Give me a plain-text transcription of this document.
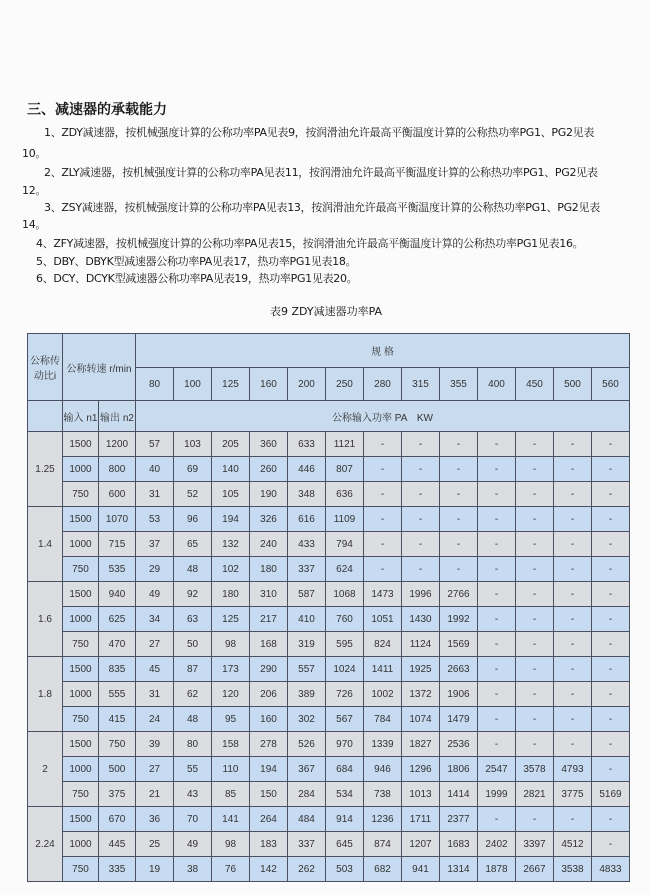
三、减速器的承载能力
1、ZDY减速器，按机械强度计算的公称功率PA见表9，按润滑油允许最高平衡温度计算的公称热功率PG1、PG2见表
10。
2、ZLY减速器，按机械强度计算的公称功率PA见表11，按润滑油允许最高平衡温度计算的公称热功率PG1、PG2见表
12。
3、ZSY减速器，按机械强度计算的公称功率PA见表13，按润滑油允许最高平衡温度计算的公称热功率PG1、PG2见表
14。
4、ZFY减速器，按机械强度计算的公称功率PA见表15，按润滑油允许最高平衡温度计算的公称热功率PG1见表16。
5、DBY、DBYK型减速器公称功率PA见表17，热功率PG1见表18。
6、DCY、DCYK型减速器公称功率PA见表19，热功率PG1见表20。
表9 ZDY减速器功率PA
公称传动比i	公称转速 r/min		规 格												
			80	100	125	160	200	250	280	315	355	400	450	500	560
	输入 n1	输出 n2	公称输入功率 PA　KW												
1.25	1500	1200	57	103	205	360	633	1121	-	-	-	-	-	-	-
	1000	800	40	69	140	260	446	807	-	-	-	-	-	-	-
	750	600	31	52	105	190	348	636	-	-	-	-	-	-	-
1.4	1500	1070	53	96	194	326	616	1109	-	-	-	-	-	-	-
	1000	715	37	65	132	240	433	794	-	-	-	-	-	-	-
	750	535	29	48	102	180	337	624	-	-	-	-	-	-	-
1.6	1500	940	49	92	180	310	587	1068	1473	1996	2766	-	-	-	-
	1000	625	34	63	125	217	410	760	1051	1430	1992	-	-	-	-
	750	470	27	50	98	168	319	595	824	1124	1569	-	-	-	-
1.8	1500	835	45	87	173	290	557	1024	1411	1925	2663	-	-	-	-
	1000	555	31	62	120	206	389	726	1002	1372	1906	-	-	-	-
	750	415	24	48	95	160	302	567	784	1074	1479	-	-	-	-
2	1500	750	39	80	158	278	526	970	1339	1827	2536	-	-	-	-
	1000	500	27	55	110	194	367	684	946	1296	1806	2547	3578	4793	-
	750	375	21	43	85	150	284	534	738	1013	1414	1999	2821	3775	5169
2.24	1500	670	36	70	141	264	484	914	1236	1711	2377	-	-	-	-
	1000	445	25	49	98	183	337	645	874	1207	1683	2402	3397	4512	-
	750	335	19	38	76	142	262	503	682	941	1314	1878	2667	3538	4833
